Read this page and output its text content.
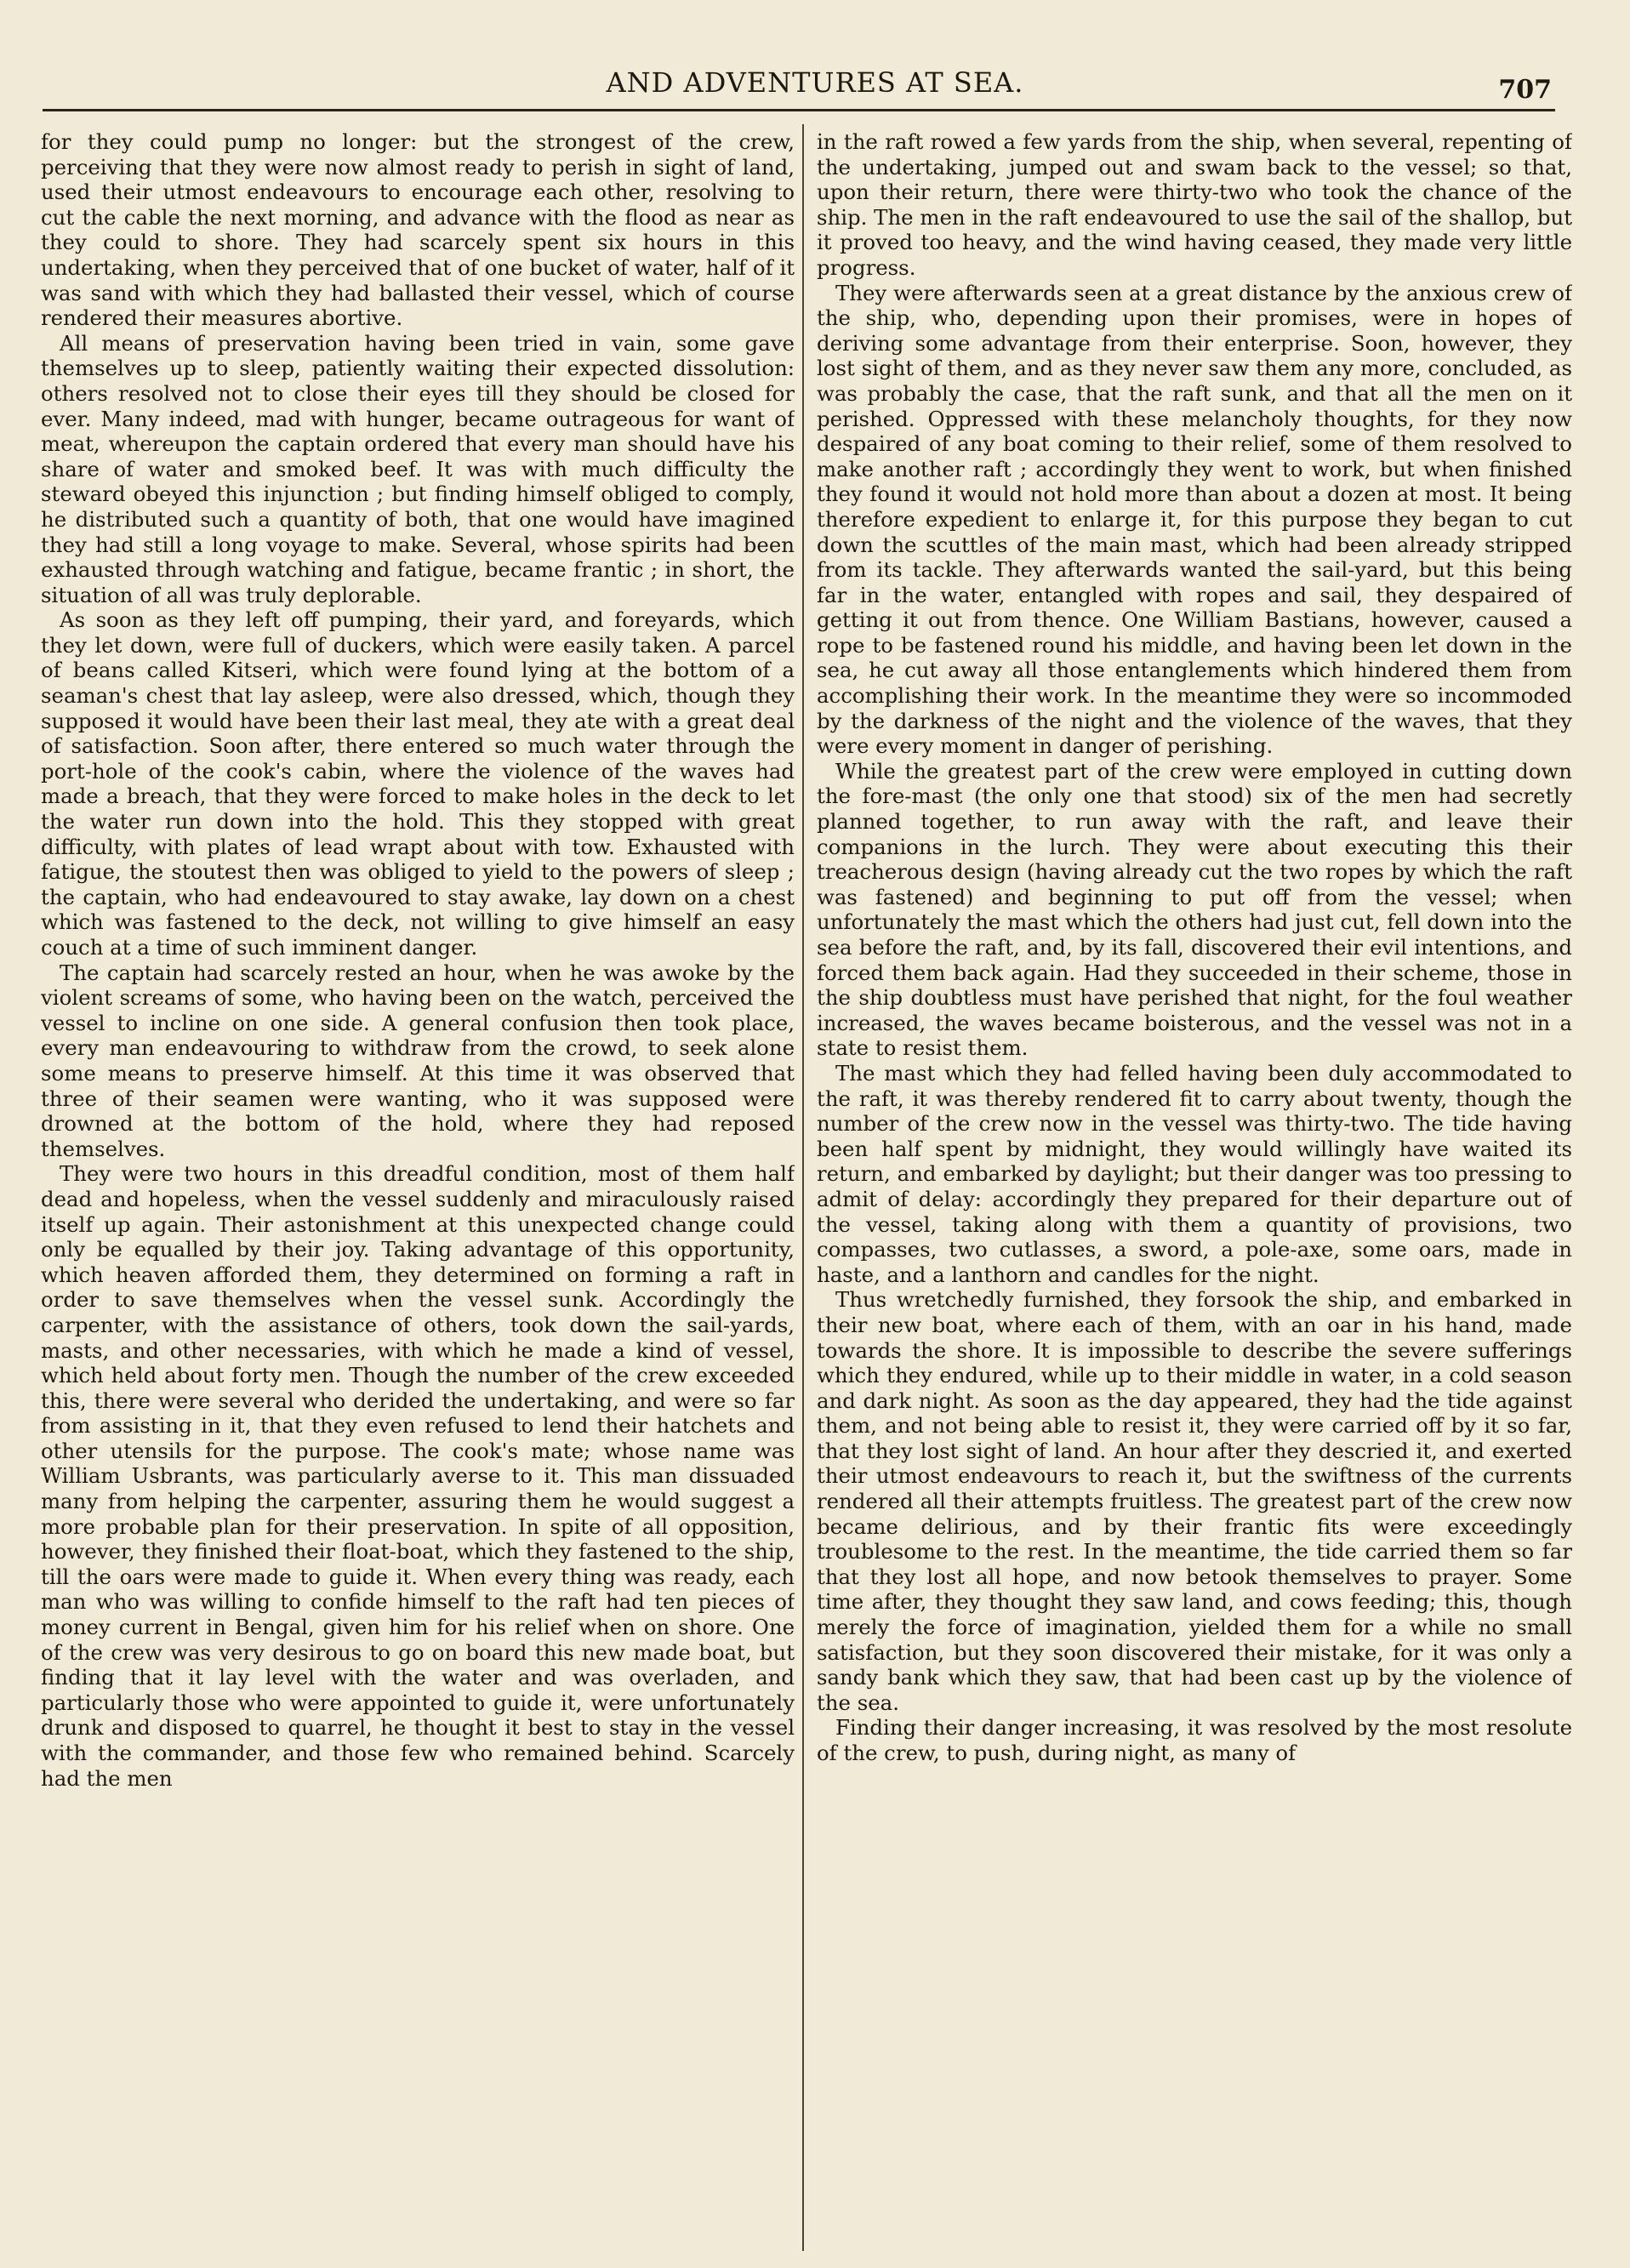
AND ADVENTURES AT SEA.	707

for they could pump no longer: but the strongest of the crew, perceiving that they were now almost ready to perish in sight of land, used their utmost endeavours to encourage each other, resolving to cut the cable the next morning, and advance with the flood as near as they could to shore. They had scarcely spent six hours in this undertaking, when they perceived that of one bucket of water, half of it was sand with which they had ballasted their vessel, which of course rendered their measures abortive.

All means of preservation having been tried in vain, some gave themselves up to sleep, patiently waiting their expected dissolution: others resolved not to close their eyes till they should be closed for ever. Many indeed, mad with hunger, became outrageous for want of meat, whereupon the captain ordered that every man should have his share of water and smoked beef. It was with much difficulty the steward obeyed this injunction ; but finding himself obliged to comply, he distributed such a quantity of both, that one would have imagined they had still a long voyage to make. Several, whose spirits had been exhausted through watching and fatigue, became frantic ; in short, the situation of all was truly deplorable.

As soon as they left off pumping, their yard, and foreyards, which they let down, were full of duckers, which were easily taken. A parcel of beans called Kitseri, which were found lying at the bottom of a seaman's chest that lay asleep, were also dressed, which, though they supposed it would have been their last meal, they ate with a great deal of satisfaction. Soon after, there entered so much water through the port-hole of the cook's cabin, where the violence of the waves had made a breach, that they were forced to make holes in the deck to let the water run down into the hold. This they stopped with great difficulty, with plates of lead wrapt about with tow. Exhausted with fatigue, the stoutest then was obliged to yield to the powers of sleep ; the captain, who had endeavoured to stay awake, lay down on a chest which was fastened to the deck, not willing to give himself an easy couch at a time of such imminent danger.

The captain had scarcely rested an hour, when he was awoke by the violent screams of some, who having been on the watch, perceived the vessel to incline on one side. A general confusion then took place, every man endeavouring to withdraw from the crowd, to seek alone some means to preserve himself. At this time it was observed that three of their seamen were wanting, who it was supposed were drowned at the bottom of the hold, where they had reposed themselves.

They were two hours in this dreadful condition, most of them half dead and hopeless, when the vessel suddenly and miraculously raised itself up again. Their astonishment at this unexpected change could only be equalled by their joy. Taking advantage of this opportunity, which heaven afforded them, they determined on forming a raft in order to save themselves when the vessel sunk. Accordingly the carpenter, with the assistance of others, took down the sail-yards, masts, and other necessaries, with which he made a kind of vessel, which held about forty men. Though the number of the crew exceeded this, there were several who derided the undertaking, and were so far from assisting in it, that they even refused to lend their hatchets and other utensils for the purpose. The cook's mate; whose name was William Usbrants, was particularly averse to it. This man dissuaded many from helping the carpenter, assuring them he would suggest a more probable plan for their preservation. In spite of all opposition, however, they finished their float-boat, which they fastened to the ship, till the oars were made to guide it. When every thing was ready, each man who was willing to confide himself to the raft had ten pieces of money current in Bengal, given him for his relief when on shore. One of the crew was very desirous to go on board this new made boat, but finding that it lay level with the water and was overladen, and particularly those who were appointed to guide it, were unfortunately drunk and disposed to quarrel, he thought it best to stay in the vessel with the commander, and those few who remained behind. Scarcely had the men

in the raft rowed a few yards from the ship, when several, repenting of the undertaking, jumped out and swam back to the vessel; so that, upon their return, there were thirty-two who took the chance of the ship. The men in the raft endeavoured to use the sail of the shallop, but it proved too heavy, and the wind having ceased, they made very little progress.

They were afterwards seen at a great distance by the anxious crew of the ship, who, depending upon their promises, were in hopes of deriving some advantage from their enterprise. Soon, however, they lost sight of them, and as they never saw them any more, concluded, as was probably the case, that the raft sunk, and that all the men on it perished. Oppressed with these melancholy thoughts, for they now despaired of any boat coming to their relief, some of them resolved to make another raft ; accordingly they went to work, but when finished they found it would not hold more than about a dozen at most. It being therefore expedient to enlarge it, for this purpose they began to cut down the scuttles of the main mast, which had been already stripped from its tackle. They afterwards wanted the sail-yard, but this being far in the water, entangled with ropes and sail, they despaired of getting it out from thence. One William Bastians, however, caused a rope to be fastened round his middle, and having been let down in the sea, he cut away all those entanglements which hindered them from accomplishing their work. In the meantime they were so incommoded by the darkness of the night and the violence of the waves, that they were every moment in danger of perishing.

While the greatest part of the crew were employed in cutting down the fore-mast (the only one that stood) six of the men had secretly planned together, to run away with the raft, and leave their companions in the lurch. They were about executing this their treacherous design (having already cut the two ropes by which the raft was fastened) and beginning to put off from the vessel; when unfortunately the mast which the others had just cut, fell down into the sea before the raft, and, by its fall, discovered their evil intentions, and forced them back again. Had they succeeded in their scheme, those in the ship doubtless must have perished that night, for the foul weather increased, the waves became boisterous, and the vessel was not in a state to resist them.

The mast which they had felled having been duly accommodated to the raft, it was thereby rendered fit to carry about twenty, though the number of the crew now in the vessel was thirty-two. The tide having been half spent by midnight, they would willingly have waited its return, and embarked by daylight; but their danger was too pressing to admit of delay: accordingly they prepared for their departure out of the vessel, taking along with them a quantity of provisions, two compasses, two cutlasses, a sword, a pole-axe, some oars, made in haste, and a lanthorn and candles for the night.

Thus wretchedly furnished, they forsook the ship, and embarked in their new boat, where each of them, with an oar in his hand, made towards the shore. It is impossible to describe the severe sufferings which they endured, while up to their middle in water, in a cold season and dark night. As soon as the day appeared, they had the tide against them, and not being able to resist it, they were carried off by it so far, that they lost sight of land. An hour after they descried it, and exerted their utmost endeavours to reach it, but the swiftness of the currents rendered all their attempts fruitless. The greatest part of the crew now became delirious, and by their frantic fits were exceedingly troublesome to the rest. In the meantime, the tide carried them so far that they lost all hope, and now betook themselves to prayer. Some time after, they thought they saw land, and cows feeding; this, though merely the force of imagination, yielded them for a while no small satisfaction, but they soon discovered their mistake, for it was only a sandy bank which they saw, that had been cast up by the violence of the sea.

Finding their danger increasing, it was resolved by the most resolute of the crew, to push, during night, as many of
